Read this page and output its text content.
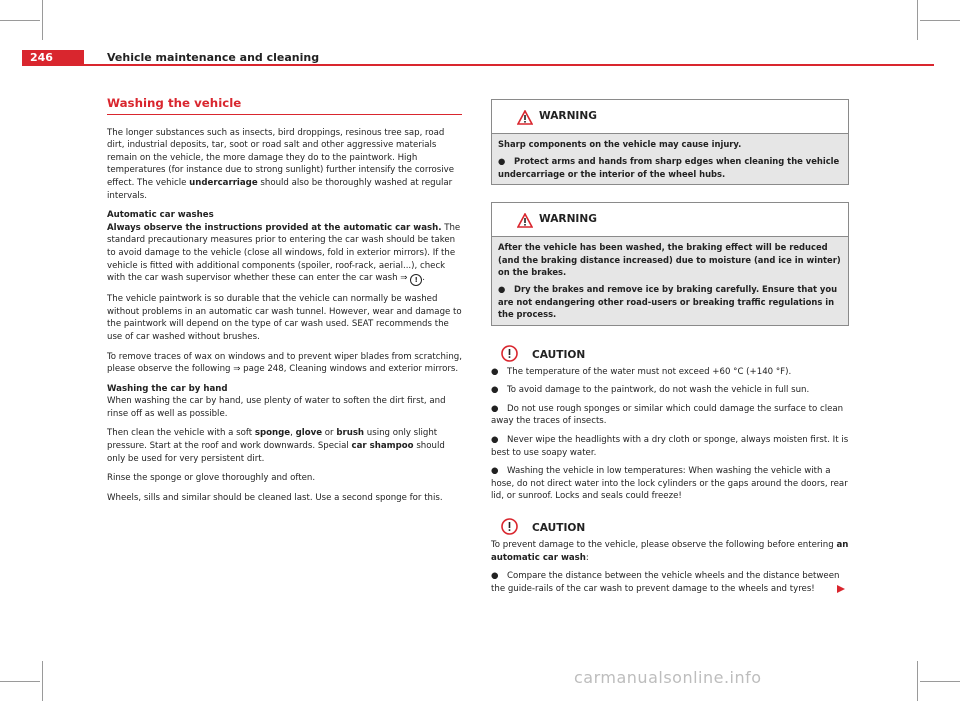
246	Vehicle maintenance and cleaning
Washing the vehicle

The longer substances such as insects, bird droppings, resinous tree sap, road dirt, industrial deposits, tar, soot or road salt and other aggressive materials remain on the vehicle, the more damage they do to the paintwork. High temperatures (for instance due to strong sunlight) further intensify the corrosive effect. The vehicle undercarriage should also be thoroughly washed at regular intervals.

Automatic car washes

Always observe the instructions provided at the automatic car wash. The standard precautionary measures prior to entering the car wash should be taken to avoid damage to the vehicle (close all windows, fold in exterior mirrors). If the vehicle is fitted with additional components (spoiler, roof-rack, aerial...), check with the car wash supervisor whether these can enter the car wash ⇒ ! .

The vehicle paintwork is so durable that the vehicle can normally be washed without problems in an automatic car wash tunnel. However, wear and damage to the paintwork will depend on the type of car wash used. SEAT recommends the use of car washed without brushes.

To remove traces of wax on windows and to prevent wiper blades from scratching, please observe the following ⇒ page 248, Cleaning windows and exterior mirrors.

Washing the car by hand

When washing the car by hand, use plenty of water to soften the dirt first, and rinse off as well as possible.

Then clean the vehicle with a soft sponge, glove or brush using only slight pressure. Start at the roof and work downwards. Special car shampoo should only be used for very persistent dirt.

Rinse the sponge or glove thoroughly and often.

Wheels, sills and similar should be cleaned last. Use a second sponge for this.

WARNING

Sharp components on the vehicle may cause injury.

● Protect arms and hands from sharp edges when cleaning the vehicle undercarriage or the interior of the wheel hubs.

WARNING

After the vehicle has been washed, the braking effect will be reduced (and the braking distance increased) due to moisture (and ice in winter) on the brakes.

● Dry the brakes and remove ice by braking carefully. Ensure that you are not endangering other road-users or breaking traffic regulations in the process.

CAUTION

● The temperature of the water must not exceed +60 °C (+140 °F).

● To avoid damage to the paintwork, do not wash the vehicle in full sun.

● Do not use rough sponges or similar which could damage the surface to clean away the traces of insects.

● Never wipe the headlights with a dry cloth or sponge, always moisten first. It is best to use soapy water.

● Washing the vehicle in low temperatures: When washing the vehicle with a hose, do not direct water into the lock cylinders or the gaps around the doors, rear lid, or sunroof. Locks and seals could freeze!

CAUTION

To prevent damage to the vehicle, please observe the following before entering an automatic car wash:

● Compare the distance between the vehicle wheels and the distance between the guide-rails of the car wash to prevent damage to the wheels and tyres!

carmanualsonline.info
